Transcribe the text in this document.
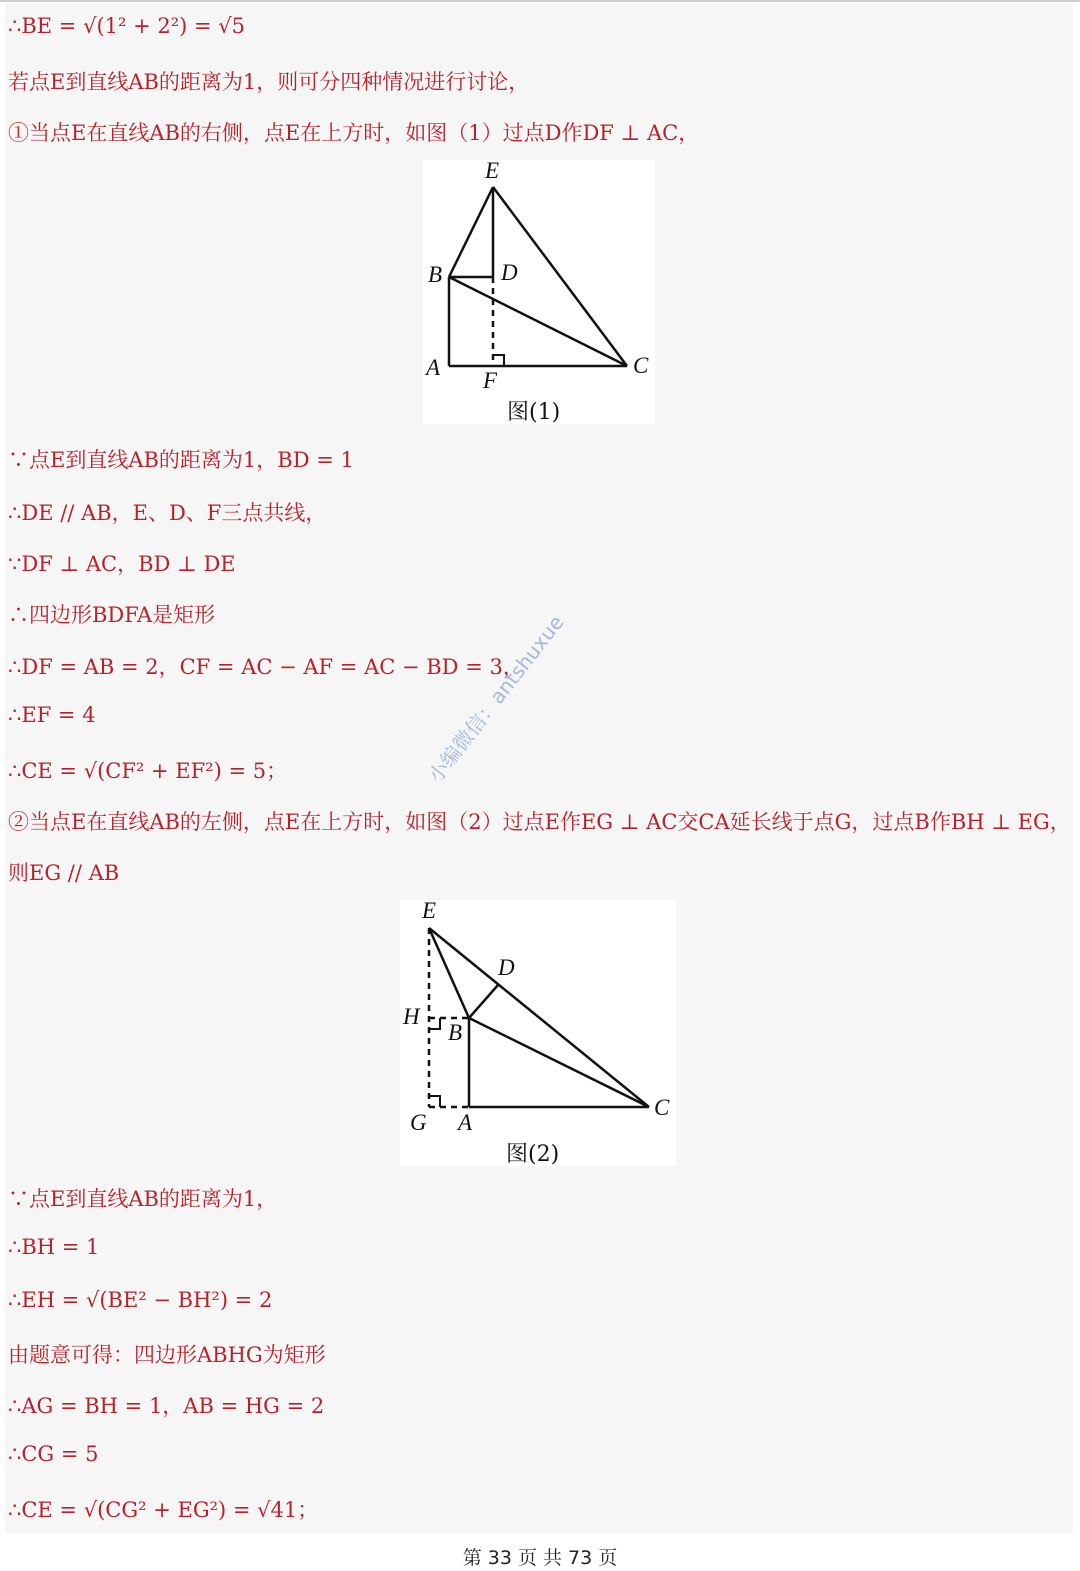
∴BE = √(1² + 2²) = √5
若点E到直线AB的距离为1，则可分四种情况进行讨论，
①当点E在直线AB的右侧，点E在上方时，如图（1）过点D作DF ⊥ AC，
E
B	D
A
F
C
图(1)
∵点E到直线AB的距离为1，BD = 1
∴DE // AB，E、D、F三点共线，
∵DF ⊥ AC，BD ⊥ DE
∴四边形BDFA是矩形
∴DF = AB = 2，CF = AC − AF = AC − BD = 3，
∴EF = 4
∴CE = √(CF² + EF²) = 5；
②当点E在直线AB的左侧，点E在上方时，如图（2）过点E作EG ⊥ AC交CA延长线于点G，过点B作BH ⊥ EG，
则EG // AB
E
D
H
B
G A
C
图(2)
∵点E到直线AB的距离为1，
∴BH = 1
∴EH = √(BE² − BH²) = 2
由题意可得：四边形ABHG为矩形
∴AG = BH = 1，AB = HG = 2
∴CG = 5
∴CE = √(CG² + EG²) = √41；
小编微信：antshuxue
第 33 页 共 73 页
